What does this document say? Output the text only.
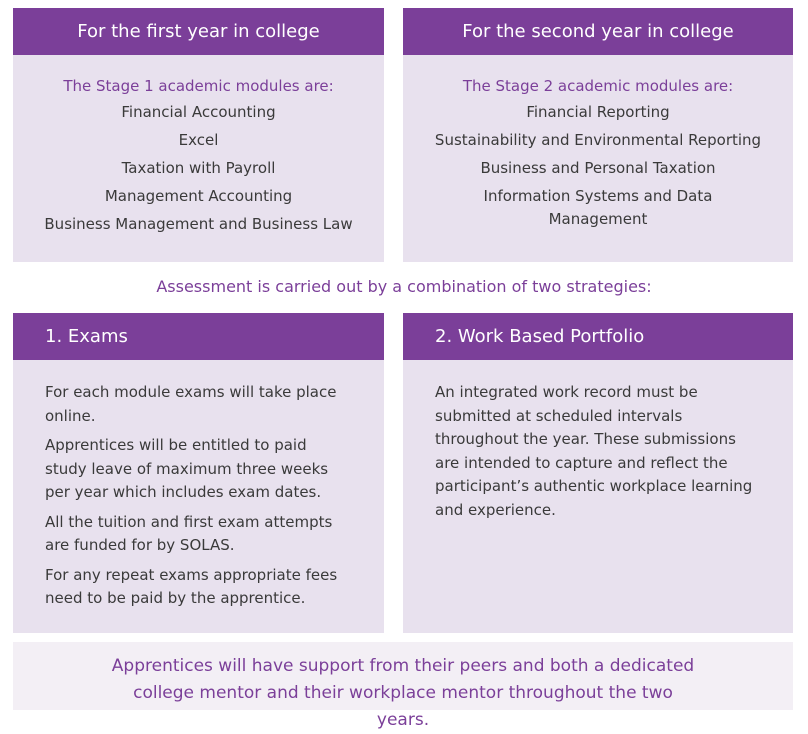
For the first year in college
The Stage 1 academic modules are:
Financial Accounting
Excel
Taxation with Payroll
Management Accounting
Business Management and Business Law
For the second year in college
The Stage 2 academic modules are:
Financial Reporting
Sustainability and Environmental Reporting
Business and Personal Taxation
Information Systems and Data Management
Assessment is carried out by a combination of two strategies:
1. Exams
For each module exams will take place online.
Apprentices will be entitled to paid study leave of maximum three weeks per year which includes exam dates.
All the tuition and first exam attempts are funded for by SOLAS.
For any repeat exams appropriate fees need to be paid by the apprentice.
2. Work Based Portfolio
An integrated work record must be submitted at scheduled intervals throughout the year. These submissions are intended to capture and reflect the participant’s authentic workplace learning and experience.
Apprentices will have support from their peers and both a dedicated college mentor and their workplace mentor throughout the two years.
